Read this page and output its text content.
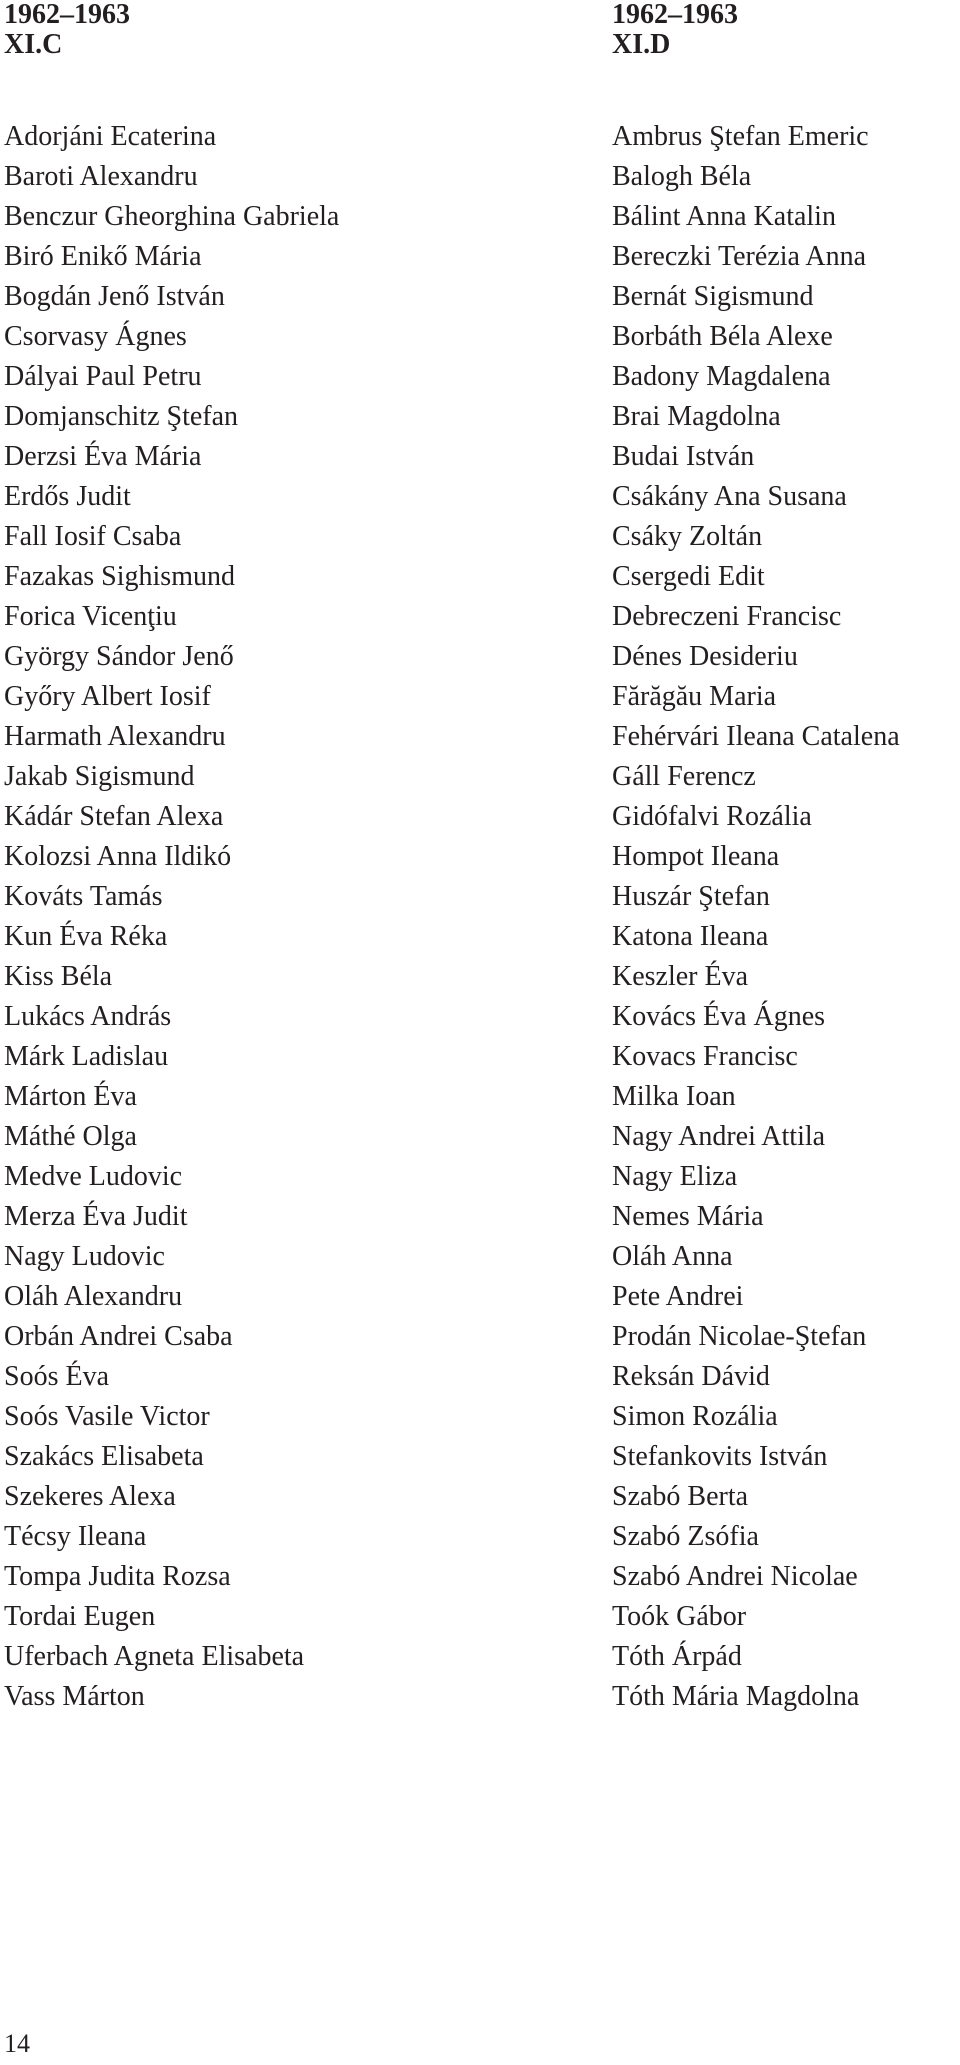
1962–1963
XI.C
Adorjáni Ecaterina
Baroti Alexandru
Benczur Gheorghina Gabriela
Biró Enikő Mária
Bogdán Jenő István
Csorvasy Ágnes
Dályai Paul Petru
Domjanschitz Ştefan
Derzsi Éva Mária
Erdős Judit
Fall Iosif Csaba
Fazakas Sighismund
Forica Vicenţiu
György Sándor Jenő
Győry Albert Iosif
Harmath Alexandru
Jakab Sigismund
Kádár Stefan Alexa
Kolozsi Anna Ildikó
Kováts Tamás
Kun Éva Réka
Kiss Béla
Lukács András
Márk Ladislau
Márton Éva
Máthé Olga
Medve Ludovic
Merza Éva Judit
Nagy Ludovic
Oláh Alexandru
Orbán Andrei Csaba
Soós Éva
Soós Vasile Victor
Szakács Elisabeta
Szekeres Alexa
Técsy Ileana
Tompa Judita Rozsa
Tordai Eugen
Uferbach Agneta Elisabeta
Vass Márton
1962–1963
XI.D
Ambrus Ştefan Emeric
Balogh Béla
Bálint Anna Katalin
Bereczki Terézia Anna
Bernát Sigismund
Borbáth Béla Alexe
Badony Magdalena
Brai Magdolna
Budai István
Csákány Ana Susana
Csáky Zoltán
Csergedi Edit
Debreczeni Francisc
Dénes Desideriu
Fărăgău Maria
Fehérvári Ileana Catalena
Gáll Ferencz
Gidófalvi Rozália
Hompot Ileana
Huszár Ştefan
Katona Ileana
Keszler Éva
Kovács Éva Ágnes
Kovacs Francisc
Milka Ioan
Nagy Andrei Attila
Nagy Eliza
Nemes Mária
Oláh Anna
Pete Andrei
Prodán Nicolae-Ştefan
Reksán Dávid
Simon Rozália
Stefankovits István
Szabó Berta
Szabó Zsófia
Szabó Andrei Nicolae
Toók Gábor
Tóth Árpád
Tóth Mária Magdolna
14
